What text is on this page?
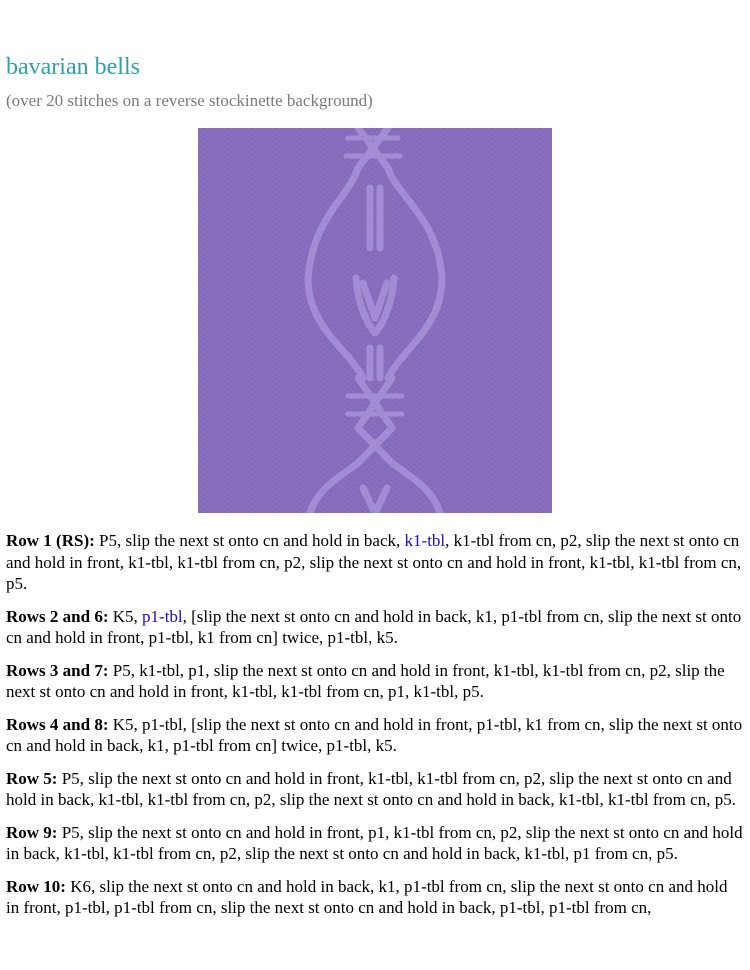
bavarian bells
(over 20 stitches on a reverse stockinette background)

Row 1 (RS): P5, slip the next st onto cn and hold in back, k1-tbl, k1-tbl from cn, p2, slip the next st onto cn and hold in front, k1-tbl, k1-tbl from cn, p2, slip the next st onto cn and hold in front, k1-tbl, k1-tbl from cn, p5.

Rows 2 and 6: K5, p1-tbl, [slip the next st onto cn and hold in back, k1, p1-tbl from cn, slip the next st onto cn and hold in front, p1-tbl, k1 from cn] twice, p1-tbl, k5.

Rows 3 and 7: P5, k1-tbl, p1, slip the next st onto cn and hold in front, k1-tbl, k1-tbl from cn, p2, slip the next st onto cn and hold in front, k1-tbl, k1-tbl from cn, p1, k1-tbl, p5.

Rows 4 and 8: K5, p1-tbl, [slip the next st onto cn and hold in front, p1-tbl, k1 from cn, slip the next st onto cn and hold in back, k1, p1-tbl from cn] twice, p1-tbl, k5.

Row 5: P5, slip the next st onto cn and hold in front, k1-tbl, k1-tbl from cn, p2, slip the next st onto cn and hold in back, k1-tbl, k1-tbl from cn, p2, slip the next st onto cn and hold in back, k1-tbl, k1-tbl from cn, p5.

Row 9: P5, slip the next st onto cn and hold in front, p1, k1-tbl from cn, p2, slip the next st onto cn and hold in back, k1-tbl, k1-tbl from cn, p2, slip the next st onto cn and hold in back, k1-tbl, p1 from cn, p5.

Row 10: K6, slip the next st onto cn and hold in back, k1, p1-tbl from cn, slip the next st onto cn and hold in front, p1-tbl, p1-tbl from cn, slip the next st onto cn and hold in back, p1-tbl, p1-tbl from cn,
